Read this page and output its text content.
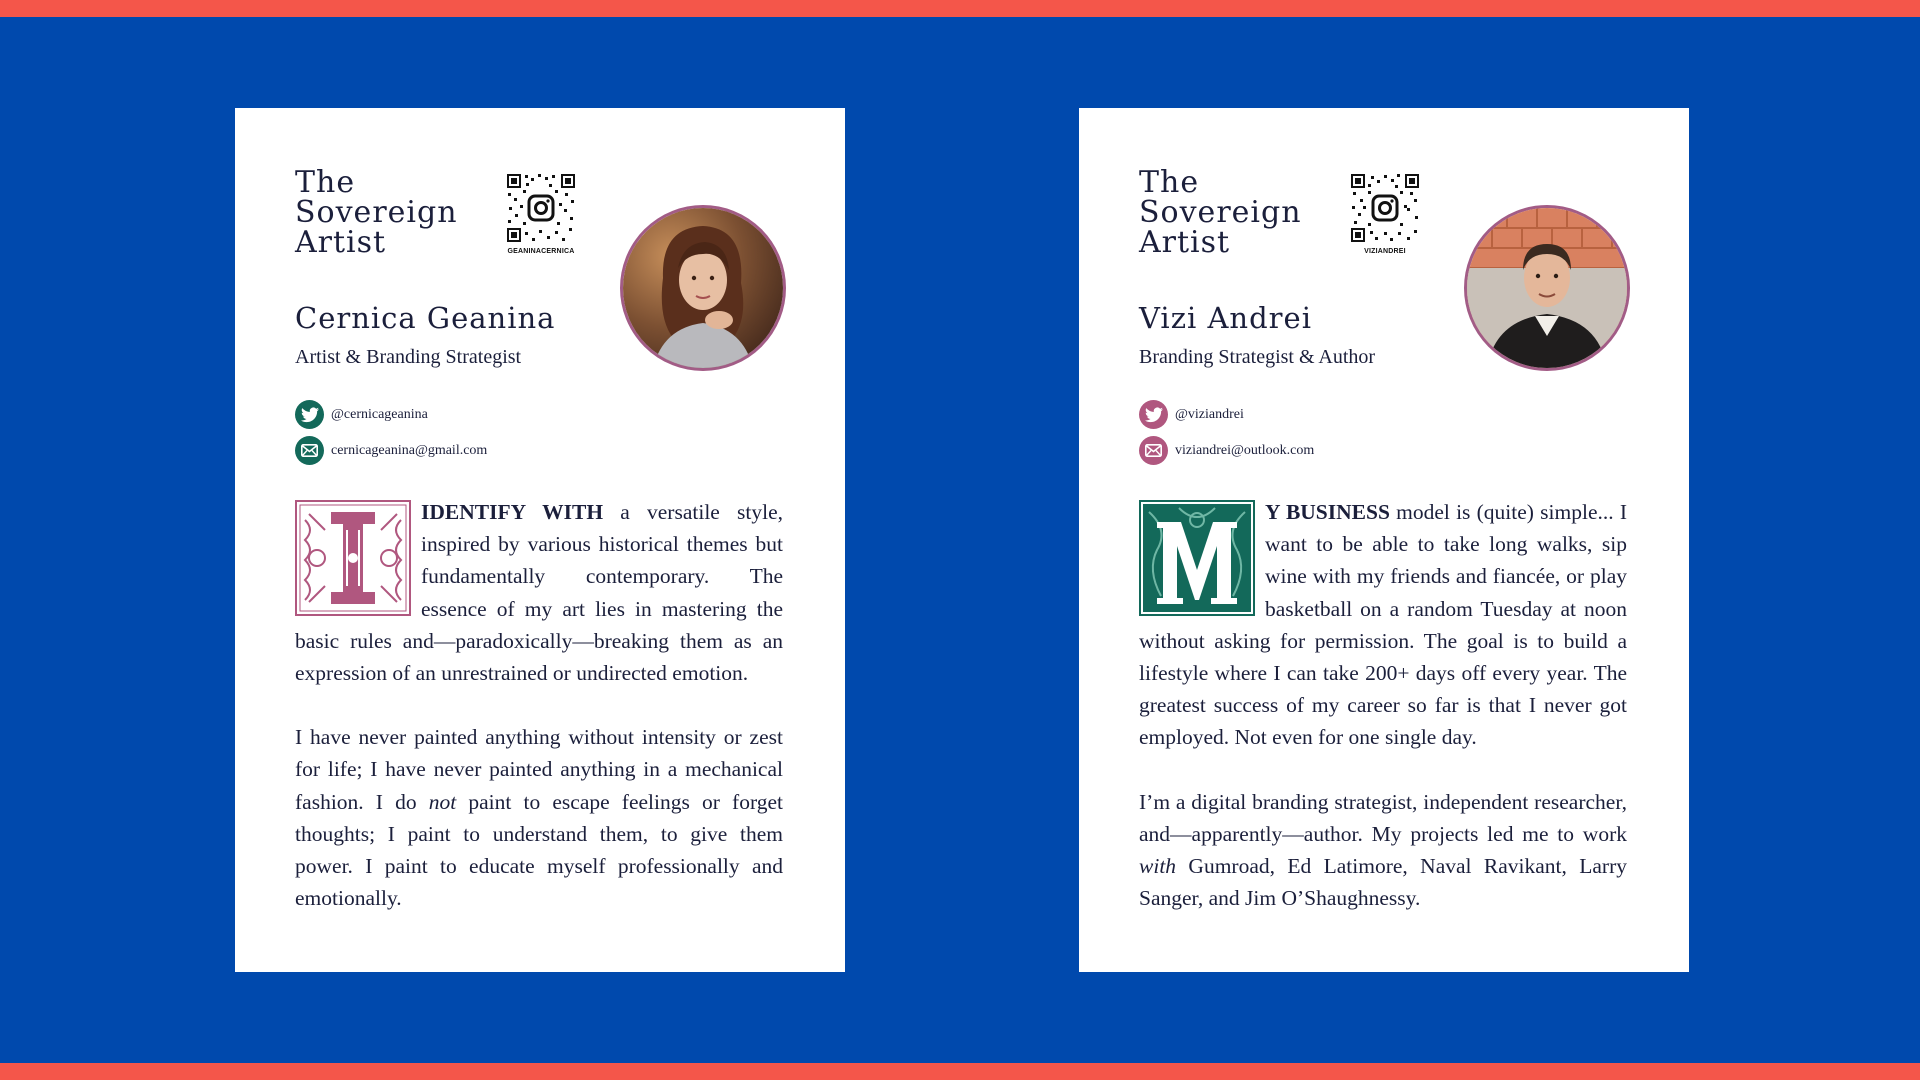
The
Sovereign
Artist	GEANINACERNICA
Cernica Geanina
Artist & Branding Strategist
@cernicageanina
cernicageanina@gmail.com

IDENTIFY WITH a versatile style, inspired by various historical themes but fundamentally contemporary. The essence of my art lies in mastering the basic rules and—paradoxically—breaking them as an expression of an unrestrained or undirected emotion.

I have never painted anything without intensity or zest for life; I have never painted anything in a mechanical fashion. I do not paint to escape feelings or forget thoughts; I paint to understand them, to give them power. I paint to educate myself professionally and emotionally.

The
Sovereign
Artist	VIZIANDREI
Vizi Andrei
Branding Strategist & Author
@viziandrei
viziandrei@outlook.com

Y BUSINESS model is (quite) simple... I want to be able to take long walks, sip wine with my friends and fiancée, or play basketball on a random Tuesday at noon without asking for permission. The goal is to build a lifestyle where I can take 200+ days off every year. The greatest success of my career so far is that I never got employed. Not even for one single day.

I’m a digital branding strategist, independent researcher, and—apparently—author. My projects led me to work with Gumroad, Ed Latimore, Naval Ravikant, Larry Sanger, and Jim O’Shaughnessy.
